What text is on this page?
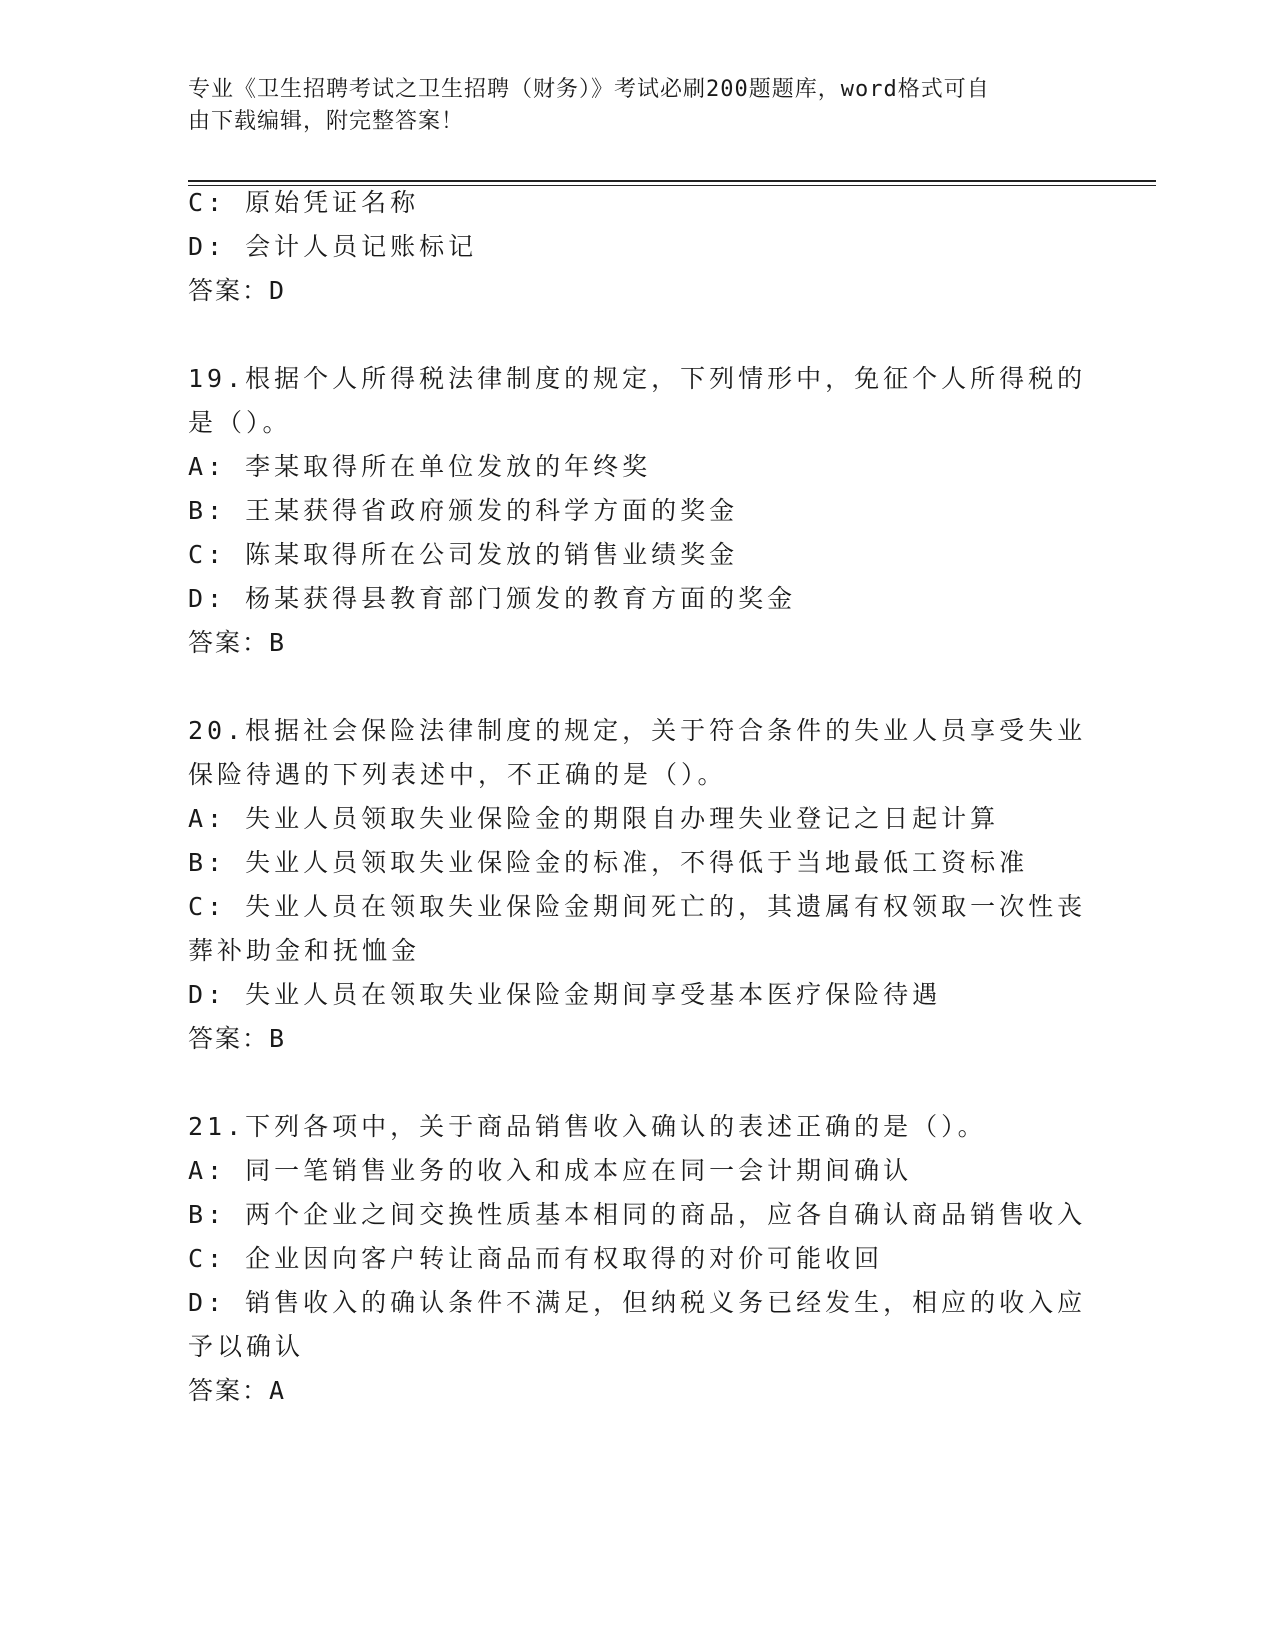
专业《卫生招聘考试之卫生招聘（财务）》考试必刷200题题库，word格式可自
由下载编辑，附完整答案！
C: 原始凭证名称
D: 会计人员记账标记
答案：D
19.根据个人所得税法律制度的规定，下列情形中，免征个人所得税的
是（）。
A: 李某取得所在单位发放的年终奖
B: 王某获得省政府颁发的科学方面的奖金
C: 陈某取得所在公司发放的销售业绩奖金
D: 杨某获得县教育部门颁发的教育方面的奖金
答案：B
20.根据社会保险法律制度的规定，关于符合条件的失业人员享受失业
保险待遇的下列表述中，不正确的是（）。
A: 失业人员领取失业保险金的期限自办理失业登记之日起计算
B: 失业人员领取失业保险金的标准，不得低于当地最低工资标准
C: 失业人员在领取失业保险金期间死亡的，其遗属有权领取一次性丧
葬补助金和抚恤金
D: 失业人员在领取失业保险金期间享受基本医疗保险待遇
答案：B
21.下列各项中，关于商品销售收入确认的表述正确的是（）。
A: 同一笔销售业务的收入和成本应在同一会计期间确认
B: 两个企业之间交换性质基本相同的商品，应各自确认商品销售收入
C: 企业因向客户转让商品而有权取得的对价可能收回
D: 销售收入的确认条件不满足，但纳税义务已经发生，相应的收入应
予以确认
答案：A
